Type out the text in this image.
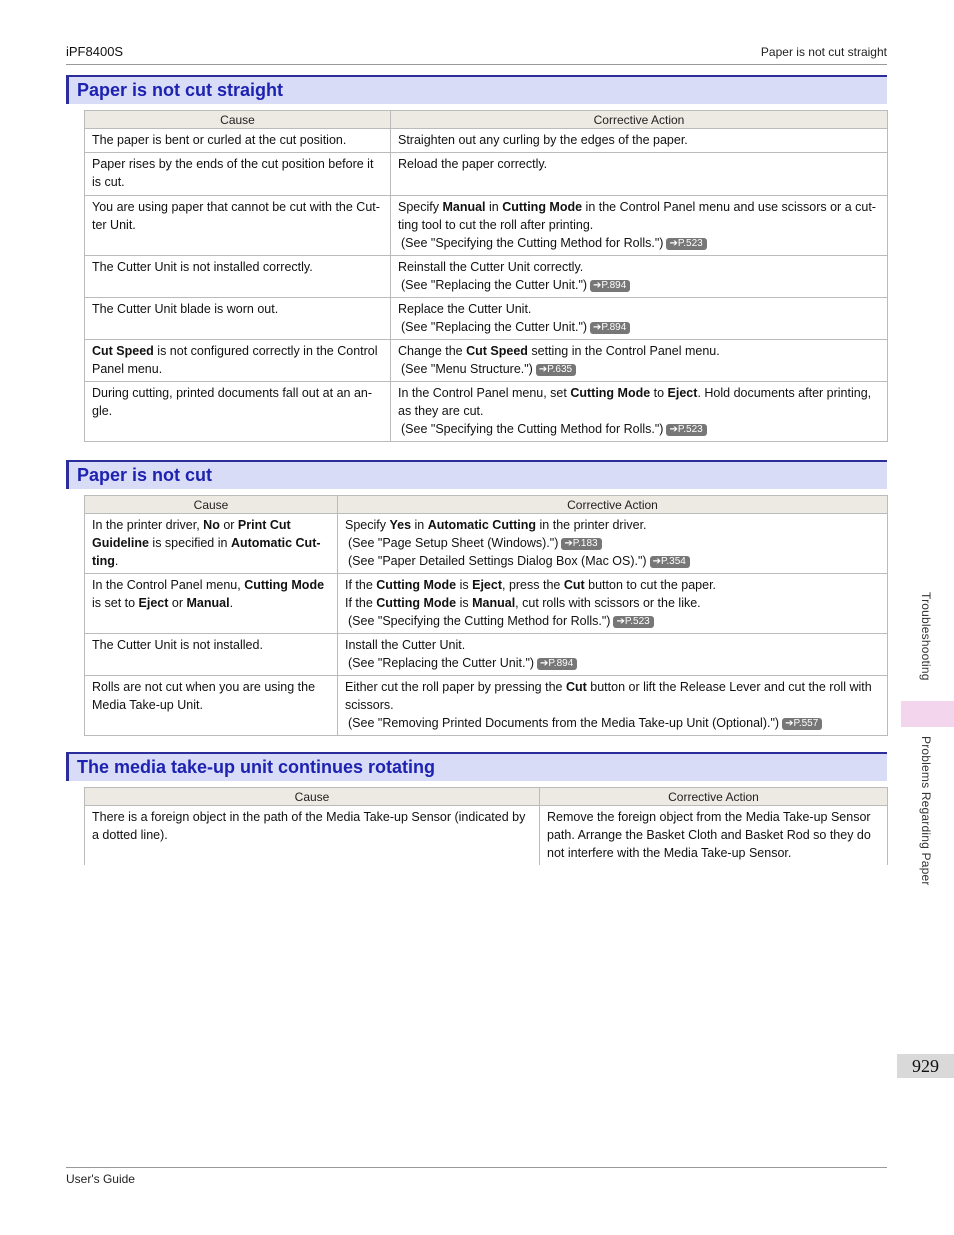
iPF8400S	Paper is not cut straight
Paper is not cut straight
Cause	Corrective Action
The paper is bent or curled at the cut position.	Straighten out any curling by the edges of the paper.
Paper rises by the ends of the cut position before it is cut.	Reload the paper correctly.
You are using paper that cannot be cut with the Cut- ter Unit.	Specify Manual in Cutting Mode in the Control Panel menu and use scissors or a cut- ting tool to cut the roll after printing.
(See "Specifying the Cutting Method for Rolls.") ➔P.523
The Cutter Unit is not installed correctly.	Reinstall the Cutter Unit correctly.
(See "Replacing the Cutter Unit.") ➔P.894
The Cutter Unit blade is worn out.	Replace the Cutter Unit.
(See "Replacing the Cutter Unit.") ➔P.894
Cut Speed is not configured correctly in the Control Panel menu.	Change the Cut Speed setting in the Control Panel menu.
(See "Menu Structure.") ➔P.635
During cutting, printed documents fall out at an an- gle.	In the Control Panel menu, set Cutting Mode to Eject. Hold documents after printing, as they are cut.
(See "Specifying the Cutting Method for Rolls.") ➔P.523
Paper is not cut
Cause	Corrective Action
In the printer driver, No or Print Cut Guideline is specified in Automatic Cut- ting.	Specify Yes in Automatic Cutting in the printer driver.
(See "Page Setup Sheet (Windows).") ➔P.183
(See "Paper Detailed Settings Dialog Box (Mac OS).") ➔P.354
In the Control Panel menu, Cutting Mode is set to Eject or Manual.	If the Cutting Mode is Eject, press the Cut button to cut the paper.
If the Cutting Mode is Manual, cut rolls with scissors or the like.
(See "Specifying the Cutting Method for Rolls.") ➔P.523
The Cutter Unit is not installed.	Install the Cutter Unit.
(See "Replacing the Cutter Unit.") ➔P.894
Rolls are not cut when you are using the Media Take-up Unit.	Either cut the roll paper by pressing the Cut button or lift the Release Lever and cut the roll with scissors.
(See "Removing Printed Documents from the Media Take-up Unit (Optional).") ➔P.557
The media take-up unit continues rotating
Cause	Corrective Action
There is a foreign object in the path of the Media Take-up Sensor (indicated by a dotted line).	Remove the foreign object from the Media Take-up Sensor path. Arrange the Basket Cloth and Basket Rod so they do not interfere with the Media Take-up Sensor.
Troubleshooting
Problems Regarding Paper
929
User's Guide
